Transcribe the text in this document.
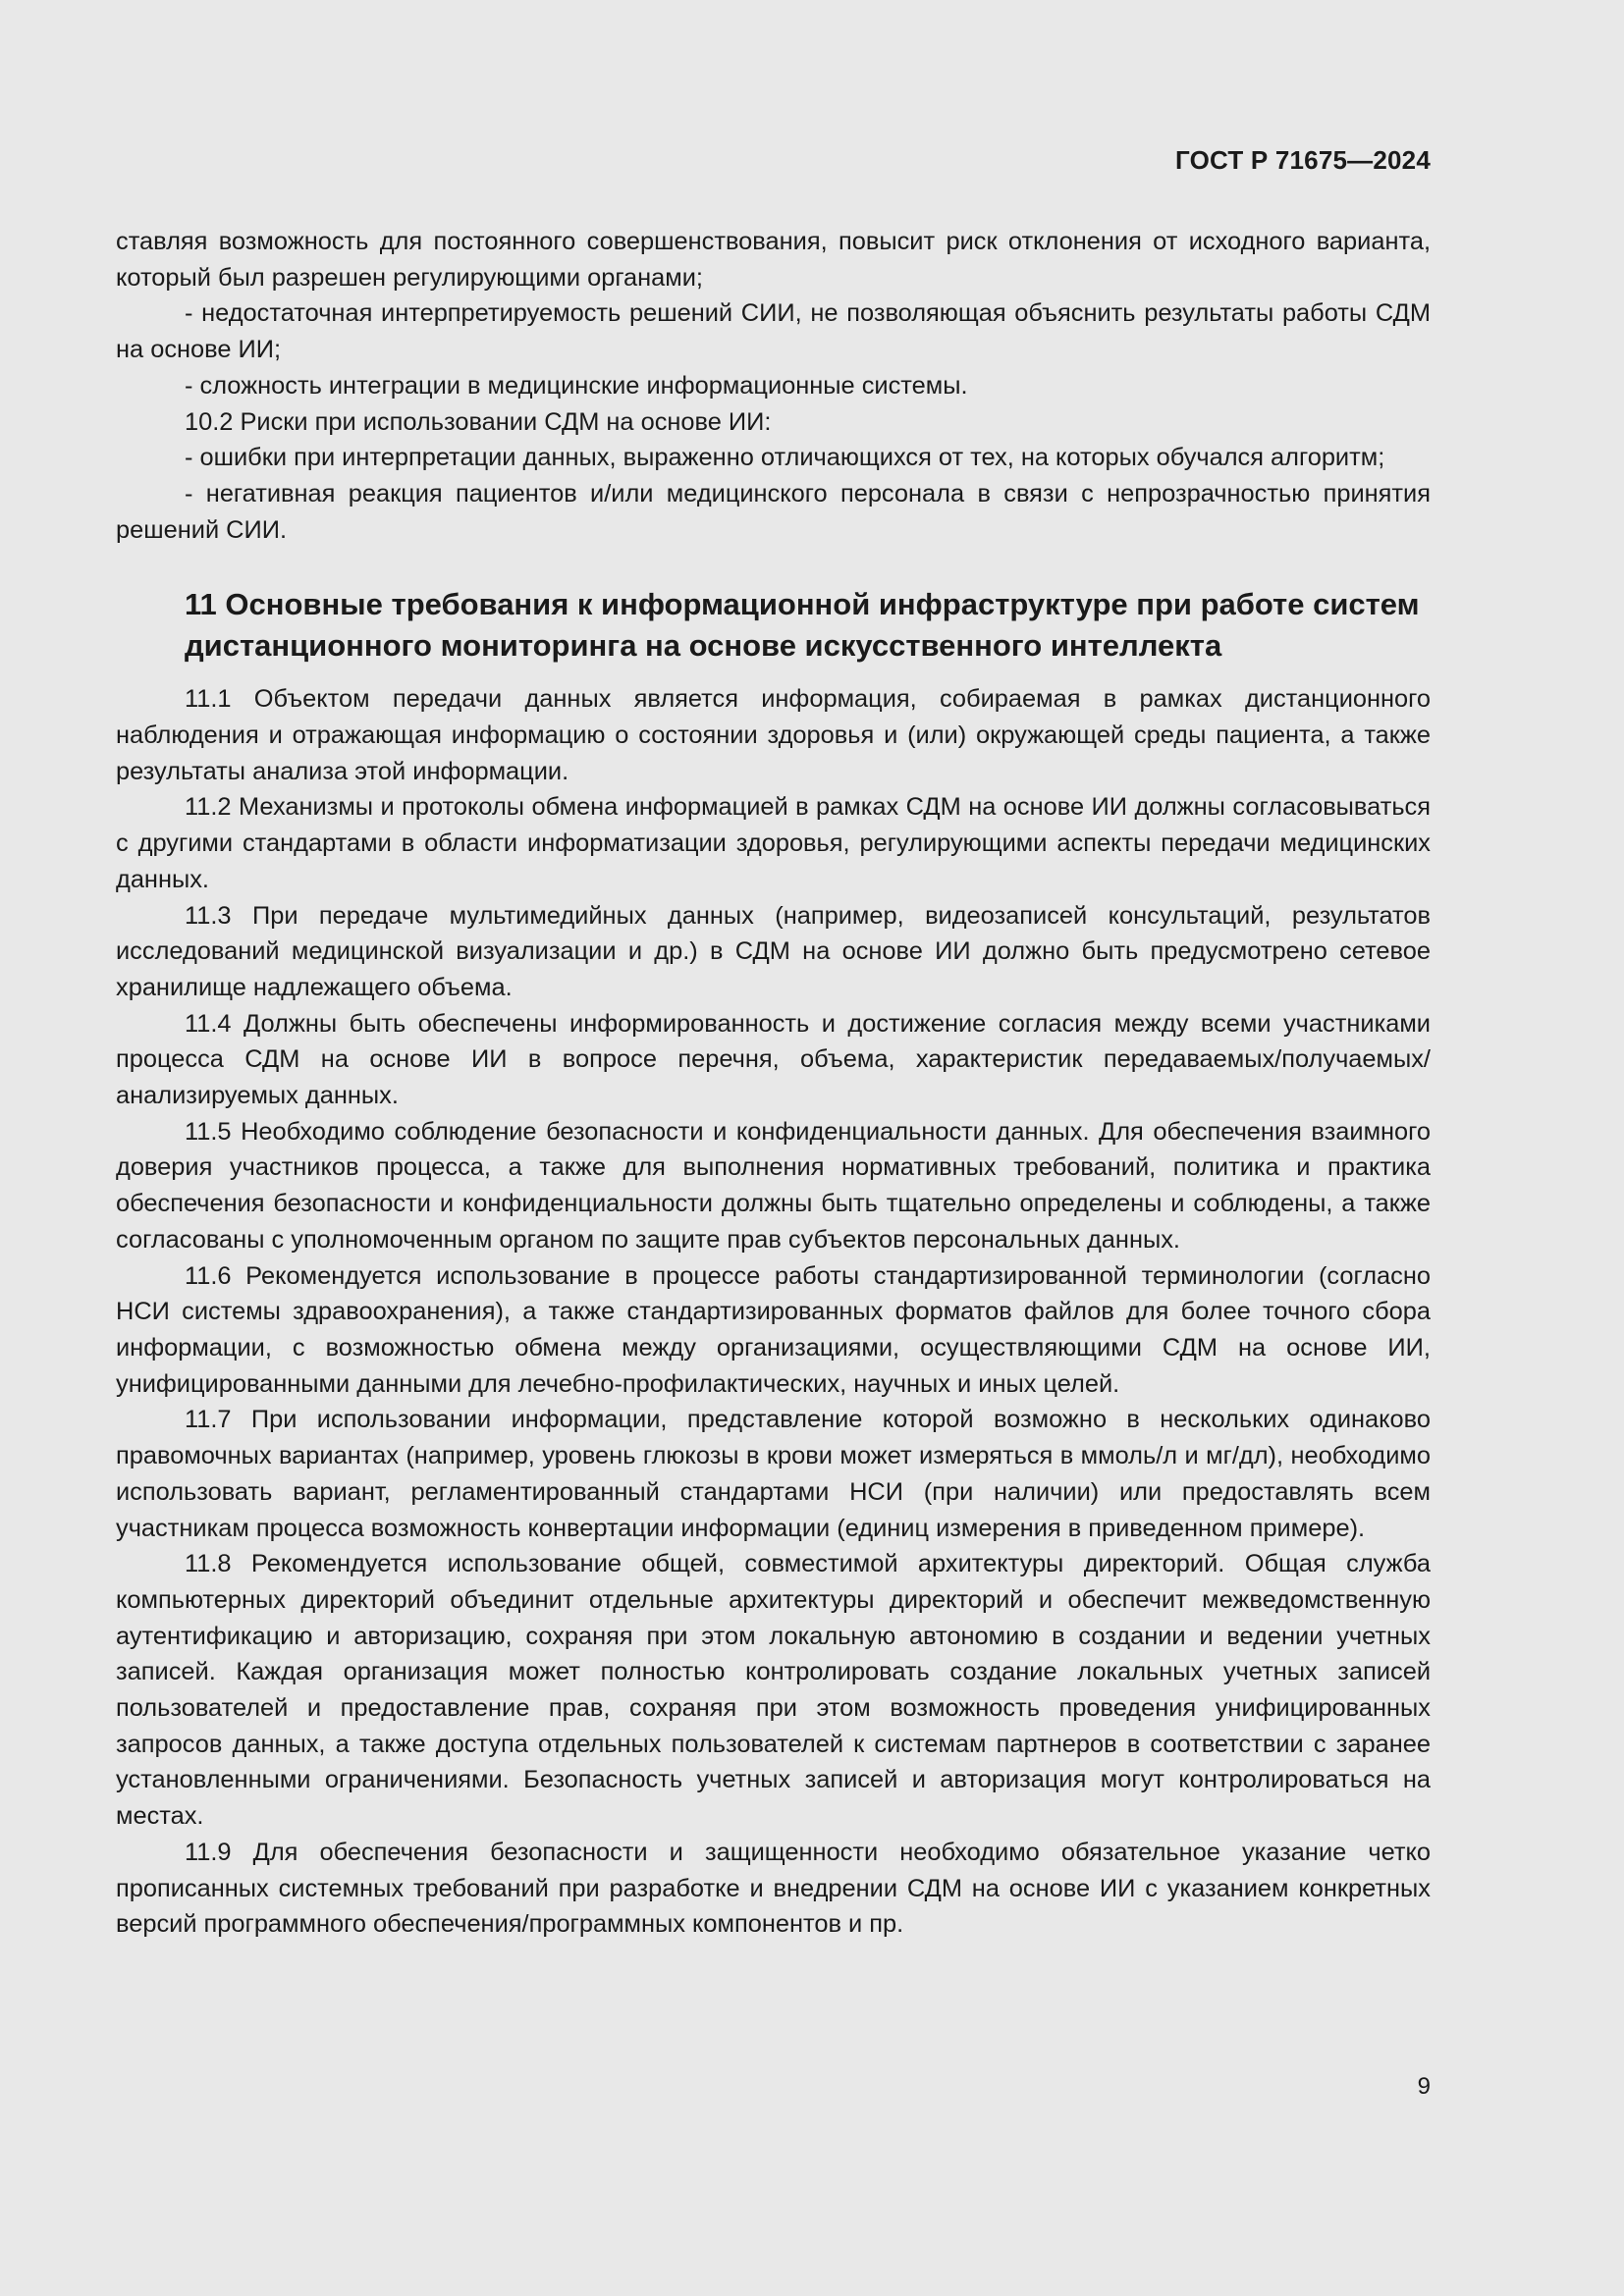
ГОСТ Р 71675—2024

ставляя возможность для постоянного совершенствования, повысит риск отклонения от исходного варианта, который был разрешен регулирующими органами;

- недостаточная интерпретируемость решений СИИ, не позволяющая объяснить результаты работы СДМ на основе ИИ;

- сложность интеграции в медицинские информационные системы.

10.2 Риски при использовании СДМ на основе ИИ:

- ошибки при интерпретации данных, выраженно отличающихся от тех, на которых обучался алгоритм;

- негативная реакция пациентов и/или медицинского персонала в связи с непрозрачностью принятия решений СИИ.

11 Основные требования к информационной инфраструктуре при работе систем дистанционного мониторинга на основе искусственного интеллекта

11.1 Объектом передачи данных является информация, собираемая в рамках дистанционного наблюдения и отражающая информацию о состоянии здоровья и (или) окружающей среды пациента, а также результаты анализа этой информации.

11.2 Механизмы и протоколы обмена информацией в рамках СДМ на основе ИИ должны согласовываться с другими стандартами в области информатизации здоровья, регулирующими аспекты передачи медицинских данных.

11.3 При передаче мультимедийных данных (например, видеозаписей консультаций, результатов исследований медицинской визуализации и др.) в СДМ на основе ИИ должно быть предусмотрено сетевое хранилище надлежащего объема.

11.4 Должны быть обеспечены информированность и достижение согласия между всеми участниками процесса СДМ на основе ИИ в вопросе перечня, объема, характеристик передаваемых/получаемых/анализируемых данных.

11.5 Необходимо соблюдение безопасности и конфиденциальности данных. Для обеспечения взаимного доверия участников процесса, а также для выполнения нормативных требований, политика и практика обеспечения безопасности и конфиденциальности должны быть тщательно определены и соблюдены, а также согласованы с уполномоченным органом по защите прав субъектов персональных данных.

11.6 Рекомендуется использование в процессе работы стандартизированной терминологии (согласно НСИ системы здравоохранения), а также стандартизированных форматов файлов для более точного сбора информации, с возможностью обмена между организациями, осуществляющими СДМ на основе ИИ, унифицированными данными для лечебно-профилактических, научных и иных целей.

11.7 При использовании информации, представление которой возможно в нескольких одинаково правомочных вариантах (например, уровень глюкозы в крови может измеряться в ммоль/л и мг/дл), необходимо использовать вариант, регламентированный стандартами НСИ (при наличии) или предоставлять всем участникам процесса возможность конвертации информации (единиц измерения в приведенном примере).

11.8 Рекомендуется использование общей, совместимой архитектуры директорий. Общая служба компьютерных директорий объединит отдельные архитектуры директорий и обеспечит межведомственную аутентификацию и авторизацию, сохраняя при этом локальную автономию в создании и ведении учетных записей. Каждая организация может полностью контролировать создание локальных учетных записей пользователей и предоставление прав, сохраняя при этом возможность проведения унифицированных запросов данных, а также доступа отдельных пользователей к системам партнеров в соответствии с заранее установленными ограничениями. Безопасность учетных записей и авторизация могут контролироваться на местах.

11.9 Для обеспечения безопасности и защищенности необходимо обязательное указание четко прописанных системных требований при разработке и внедрении СДМ на основе ИИ с указанием конкретных версий программного обеспечения/программных компонентов и пр.

9
